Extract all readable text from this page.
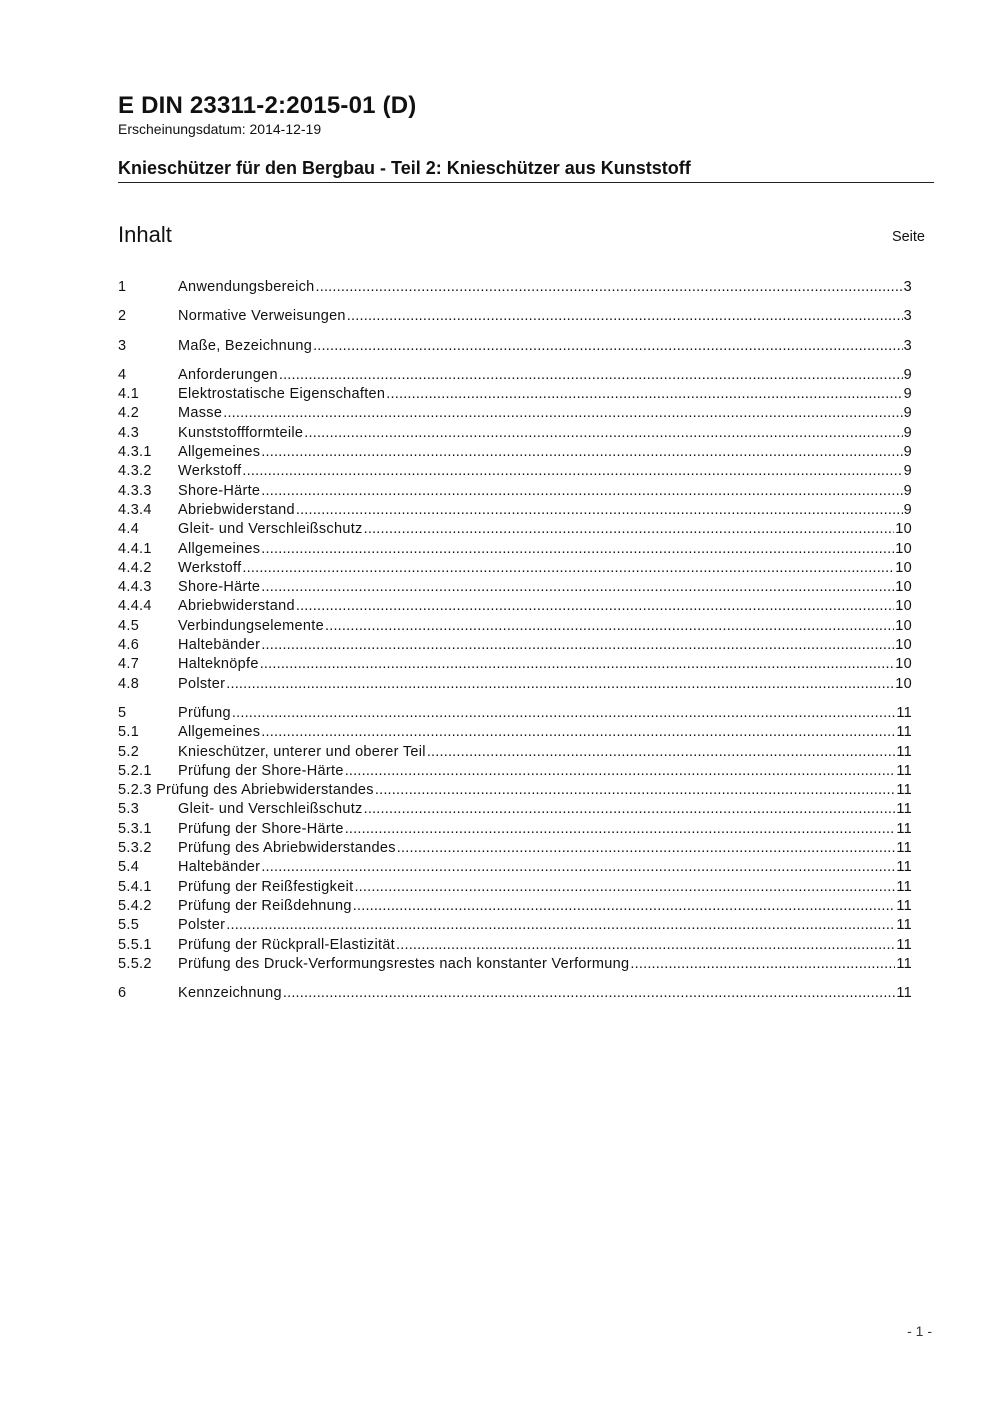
E DIN 23311-2:2015-01 (D)
Erscheinungsdatum: 2014-12-19
Knieschützer für den Bergbau - Teil 2: Knieschützer aus Kunststoff
Inhalt	Seite
1	Anwendungsbereich .....	3
2	Normative Verweisungen .....	3
3	Maße, Bezeichnung .....	3
4	Anforderungen .....	9
4.1	Elektrostatische Eigenschaften .....	9
4.2	Masse .....	9
4.3	Kunststoffformteile .....	9
4.3.1	Allgemeines .....	9
4.3.2	Werkstoff .....	9
4.3.3	Shore-Härte .....	9
4.3.4	Abriebwiderstand .....	9
4.4	Gleit- und Verschleißschutz .....	10
4.4.1	Allgemeines .....	10
4.4.2	Werkstoff .....	10
4.4.3	Shore-Härte .....	10
4.4.4	Abriebwiderstand .....	10
4.5	Verbindungselemente .....	10
4.6	Haltebänder .....	10
4.7	Halteknöpfe .....	10
4.8	Polster .....	10
5	Prüfung .....	11
5.1	Allgemeines .....	11
5.2	Knieschützer, unterer und oberer Teil .....	11
5.2.1	Prüfung der Shore-Härte .....	11
5.2.3 Prüfung des Abriebwiderstandes .....	11
5.3	Gleit- und Verschleißschutz .....	11
5.3.1	Prüfung der Shore-Härte .....	11
5.3.2	Prüfung des Abriebwiderstandes .....	11
5.4	Haltebänder .....	11
5.4.1	Prüfung der Reißfestigkeit .....	11
5.4.2	Prüfung der Reißdehnung .....	11
5.5	Polster .....	11
5.5.1	Prüfung der Rückprall-Elastizität .....	11
5.5.2	Prüfung des Druck-Verformungsrestes nach konstanter Verformung .....	11
6	Kennzeichnung .....	11
- 1 -
